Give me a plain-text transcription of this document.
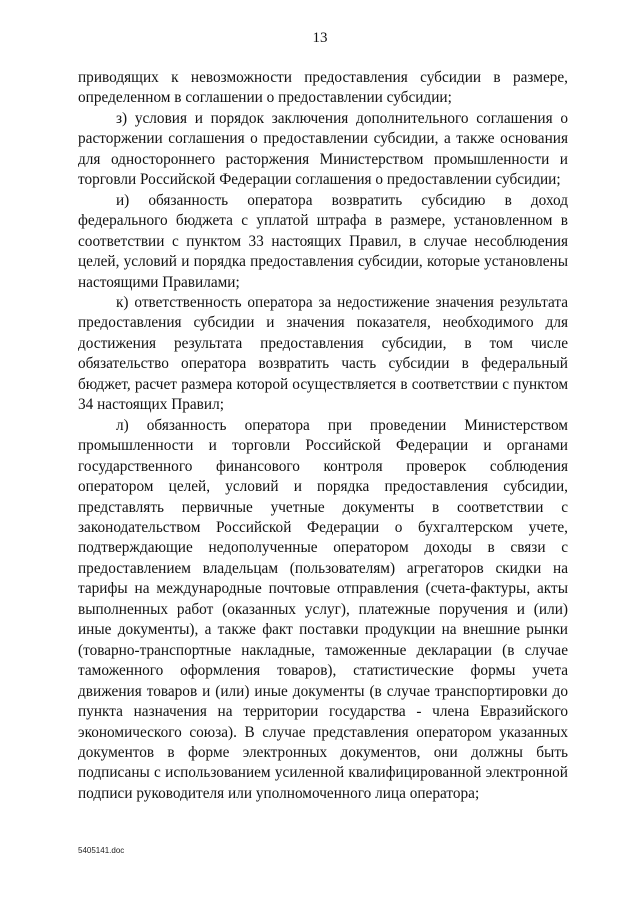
13

приводящих к невозможности предоставления субсидии в размере, определенном в соглашении о предоставлении субсидии;

з) условия и порядок заключения дополнительного соглашения о расторжении соглашения о предоставлении субсидии, а также основания для одностороннего расторжения Министерством промышленности и торговли Российской Федерации соглашения о предоставлении субсидии;

и) обязанность оператора возвратить субсидию в доход федерального бюджета с уплатой штрафа в размере, установленном в соответствии с пунктом 33 настоящих Правил, в случае несоблюдения целей, условий и порядка предоставления субсидии, которые установлены настоящими Правилами;

к) ответственность оператора за недостижение значения результата предоставления субсидии и значения показателя, необходимого для достижения результата предоставления субсидии, в том числе обязательство оператора возвратить часть субсидии в федеральный бюджет, расчет размера которой осуществляется в соответствии с пунктом 34 настоящих Правил;

л) обязанность оператора при проведении Министерством промышленности и торговли Российской Федерации и органами государственного финансового контроля проверок соблюдения оператором целей, условий и порядка предоставления субсидии, представлять первичные учетные документы в соответствии с законодательством Российской Федерации о бухгалтерском учете, подтверждающие недополученные оператором доходы в связи с предоставлением владельцам (пользователям) агрегаторов скидки на тарифы на международные почтовые отправления (счета-фактуры, акты выполненных работ (оказанных услуг), платежные поручения и (или) иные документы), а также факт поставки продукции на внешние рынки (товарно-транспортные накладные, таможенные декларации (в случае таможенного оформления товаров), статистические формы учета движения товаров и (или) иные документы (в случае транспортировки до пункта назначения на территории государства - члена Евразийского экономического союза). В случае представления оператором указанных документов в форме электронных документов, они должны быть подписаны с использованием усиленной квалифицированной электронной подписи руководителя или уполномоченного лица оператора;

5405141.doc
